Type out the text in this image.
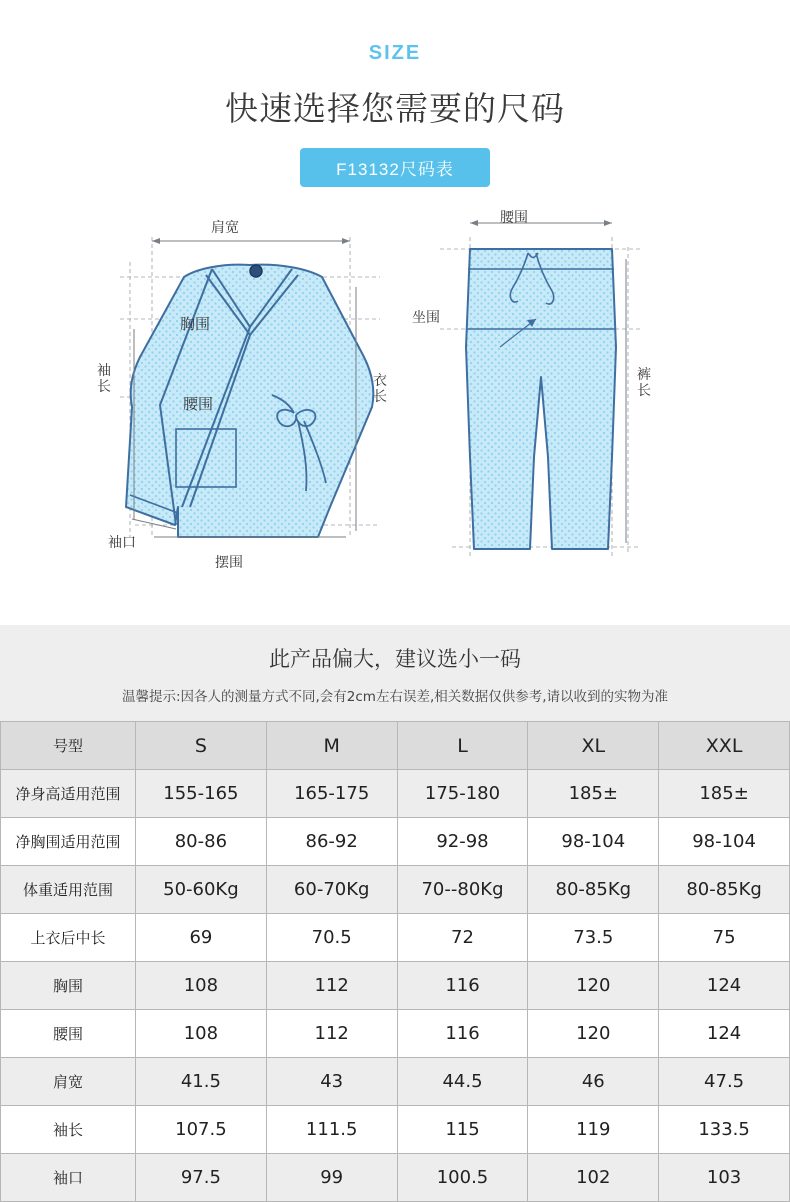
SIZE
快速选择您需要的尺码
F13132尺码表
肩宽
腰围
胸围
腰围
袖长	衣长
袖口
摆围
坐围
裤长
此产品偏大，建议选小一码
温馨提示:因各人的测量方式不同,会有2cm左右误差,相关数据仅供参考,请以收到的实物为准
号型	S	M	L	XL	XXL
净身高适用范围	155-165	165-175	175-180	185±	185±
净胸围适用范围	80-86	86-92	92-98	98-104	98-104
体重适用范围	50-60Kg	60-70Kg	70--80Kg	80-85Kg	80-85Kg
上衣后中长	69	70.5	72	73.5	75
胸围	108	112	116	120	124
腰围	108	112	116	120	124
肩宽	41.5	43	44.5	46	47.5
袖长	107.5	111.5	115	119	133.5
袖口	97.5	99	100.5	102	103
